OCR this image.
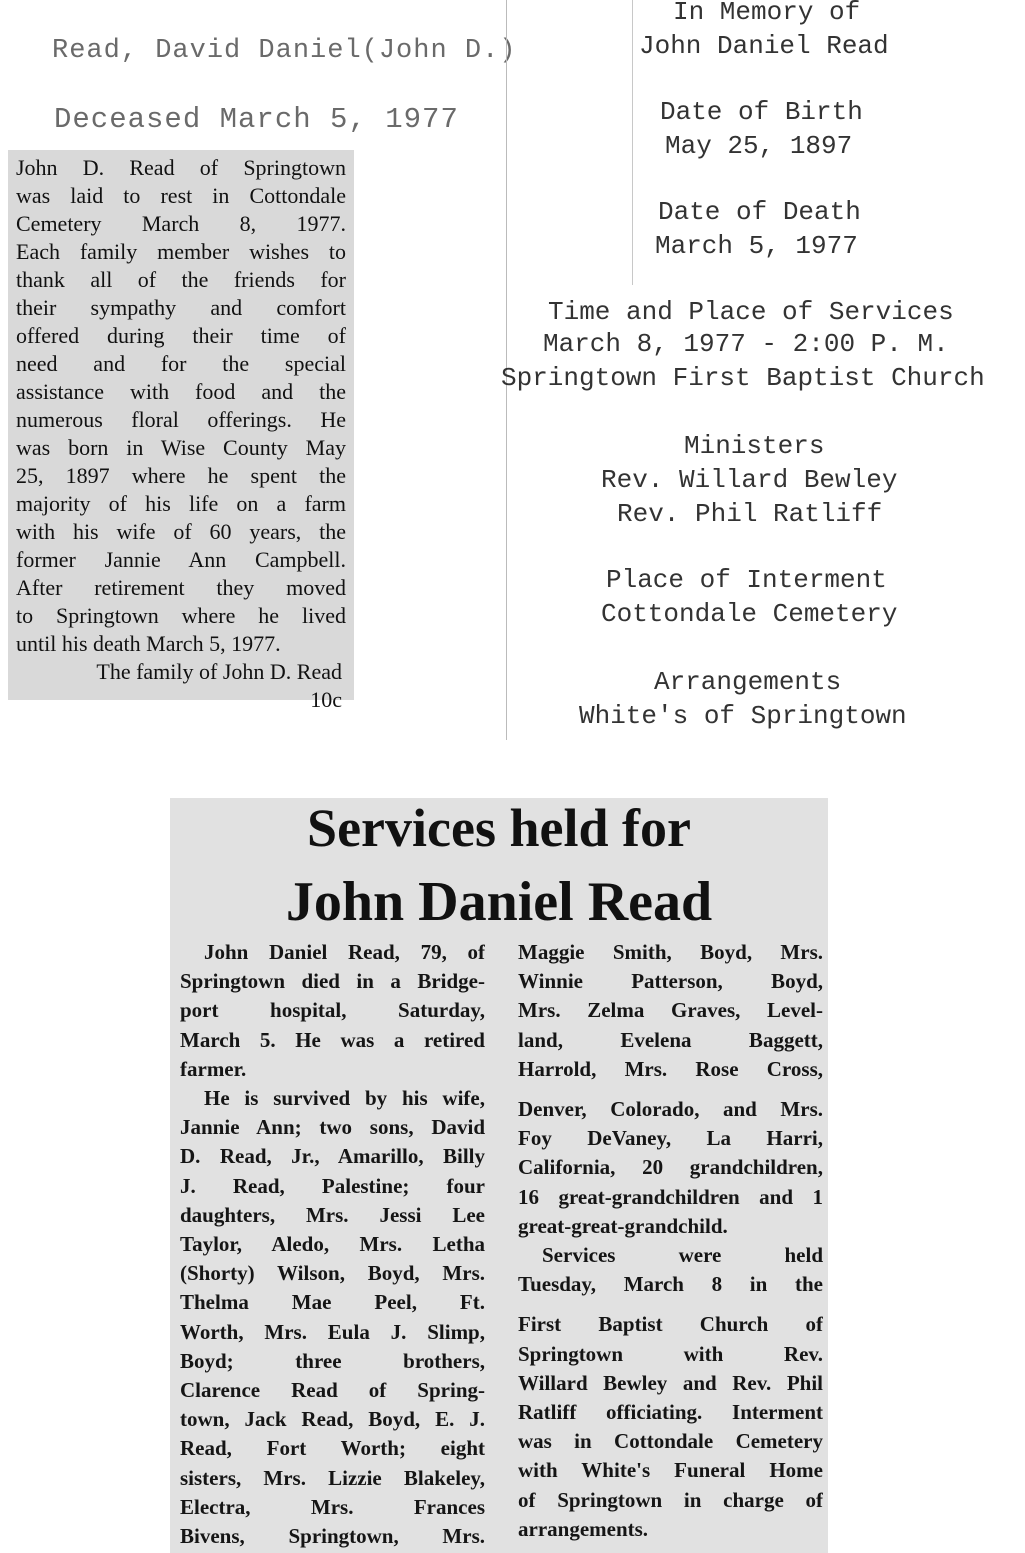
Read, David Daniel(John D.)
Deceased March 5, 1977
John D. Read of Springtown
was laid to rest in Cottondale
Cemetery March 8, 1977.
Each family member wishes to
thank all of the friends for
their sympathy and comfort
offered during their time of
need and for the special
assistance with food and the
numerous floral offerings. He
was born in Wise County May
25, 1897 where he spent the
majority of his life on a farm
with his wife of 60 years, the
former Jannie Ann Campbell.
After retirement they moved
to Springtown where he lived
until his death March 5, 1977.
The family of John D. Read
10c
In Memory of
John Daniel Read
Date of Birth
May 25, 1897
Date of Death
March 5, 1977
Time and Place of Services
March 8, 1977 - 2:00 P. M.
Springtown First Baptist Church
Ministers
Rev. Willard Bewley
Rev. Phil Ratliff
Place of Interment
Cottondale Cemetery
Arrangements
White's of Springtown
Services held for
John Daniel Read
John Daniel Read, 79, of
Springtown died in a Bridge-
port hospital, Saturday,
March 5. He was a retired
farmer.
He is survived by his wife,
Jannie Ann; two sons, David
D. Read, Jr., Amarillo, Billy
J. Read, Palestine; four
daughters, Mrs. Jessi Lee
Taylor, Aledo, Mrs. Letha
(Shorty) Wilson, Boyd, Mrs.
Thelma Mae Peel, Ft.
Worth, Mrs. Eula J. Slimp,
Boyd; three brothers,
Clarence Read of Spring-
town, Jack Read, Boyd, E. J.
Read, Fort Worth; eight
sisters, Mrs. Lizzie Blakeley,
Electra, Mrs. Frances
Bivens, Springtown, Mrs.
Maggie Smith, Boyd, Mrs.
Winnie Patterson, Boyd,
Mrs. Zelma Graves, Level-
land, Evelena Baggett,
Harrold, Mrs. Rose Cross,
Denver, Colorado, and Mrs.
Foy DeVaney, La Harri,
California, 20 grandchildren,
16 great-grandchildren and 1
great-great-grandchild.
Services were held
Tuesday, March 8 in the
First Baptist Church of
Springtown with Rev.
Willard Bewley and Rev. Phil
Ratliff officiating. Interment
was in Cottondale Cemetery
with White's Funeral Home
of Springtown in charge of
arrangements.
